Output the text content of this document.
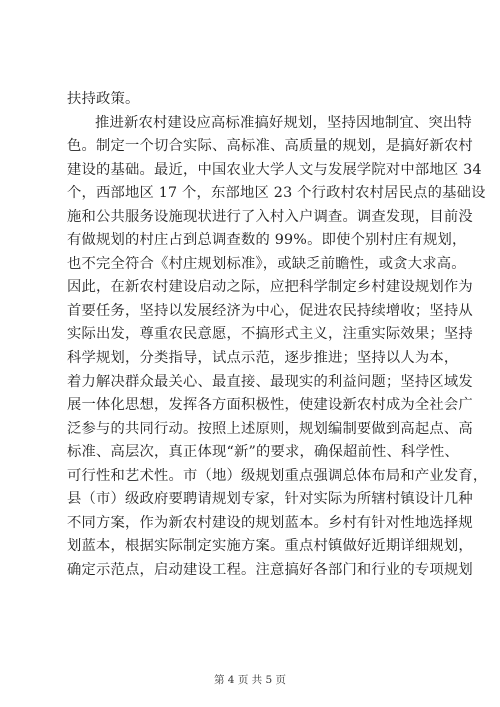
扶持政策。
推进新农村建设应高标准搞好规划，坚持因地制宜、突出特
色。制定一个切合实际、高标准、高质量的规划，是搞好新农村
建设的基础。最近，中国农业大学人文与发展学院对中部地区 34
个，西部地区 17 个，东部地区 23 个行政村农村居民点的基础设
施和公共服务设施现状进行了入村入户调查。调查发现，目前没
有做规划的村庄占到总调查数的 99%。即使个别村庄有规划，
也不完全符合《村庄规划标准》，或缺乏前瞻性，或贪大求高。
因此，在新农村建设启动之际，应把科学制定乡村建设规划作为
首要任务，坚持以发展经济为中心，促进农民持续增收；坚持从
实际出发，尊重农民意愿，不搞形式主义，注重实际效果；坚持
科学规划，分类指导，试点示范，逐步推进；坚持以人为本，
着力解决群众最关心、最直接、最现实的利益问题；坚持区域发
展一体化思想，发挥各方面积极性，使建设新农村成为全社会广
泛参与的共同行动。按照上述原则，规划编制要做到高起点、高
标准、高层次，真正体现“新”的要求，确保超前性、科学性、
可行性和艺术性。市（地）级规划重点强调总体布局和产业发育，
县（市）级政府要聘请规划专家，针对实际为所辖村镇设计几种
不同方案，作为新农村建设的规划蓝本。乡村有针对性地选择规
划蓝本，根据实际制定实施方案。重点村镇做好近期详细规划，
确定示范点，启动建设工程。注意搞好各部门和行业的专项规划
第 4 页 共 5 页
